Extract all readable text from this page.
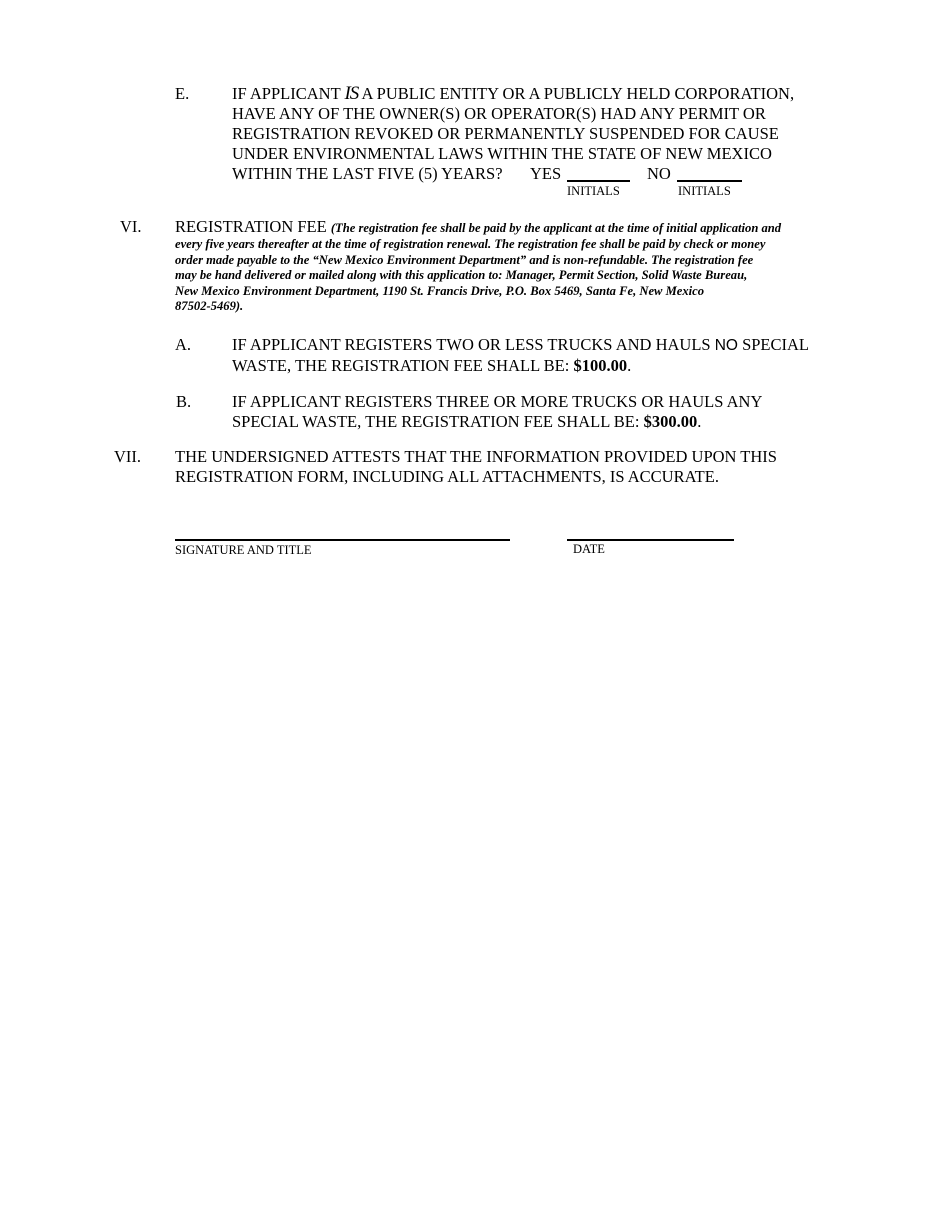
E.	IF APPLICANT IS A PUBLIC ENTITY OR A PUBLICLY HELD CORPORATION,
HAVE ANY OF THE OWNER(S) OR OPERATOR(S) HAD ANY PERMIT OR
REGISTRATION REVOKED OR PERMANENTLY SUSPENDED FOR CAUSE
UNDER ENVIRONMENTAL LAWS WITHIN THE STATE OF NEW MEXICO
WITHIN THE LAST FIVE (5) YEARS?	YES
INITIALS
NO
INITIALS
VI. REGISTRATION FEE (The registration fee shall be paid by the applicant at the time of initial application and
every five years thereafter at the time of registration renewal. The registration fee shall be paid by check or money
order made payable to the “New Mexico Environment Department” and is non-refundable. The registration fee
may be hand delivered or mailed along with this application to: Manager, Permit Section, Solid Waste Bureau,
New Mexico Environment Department, 1190 St. Francis Drive, P.O. Box 5469, Santa Fe, New Mexico
87502-5469).
A. IF APPLICANT REGISTERS TWO OR LESS TRUCKS AND HAULS NO SPECIAL
WASTE, THE REGISTRATION FEE SHALL BE: $100.00.
B. IF APPLICANT REGISTERS THREE OR MORE TRUCKS OR HAULS ANY
SPECIAL WASTE, THE REGISTRATION FEE SHALL BE: $300.00.
VII. THE UNDERSIGNED ATTESTS THAT THE INFORMATION PROVIDED UPON THIS
REGISTRATION FORM, INCLUDING ALL ATTACHMENTS, IS ACCURATE.
SIGNATURE AND TITLE	DATE
